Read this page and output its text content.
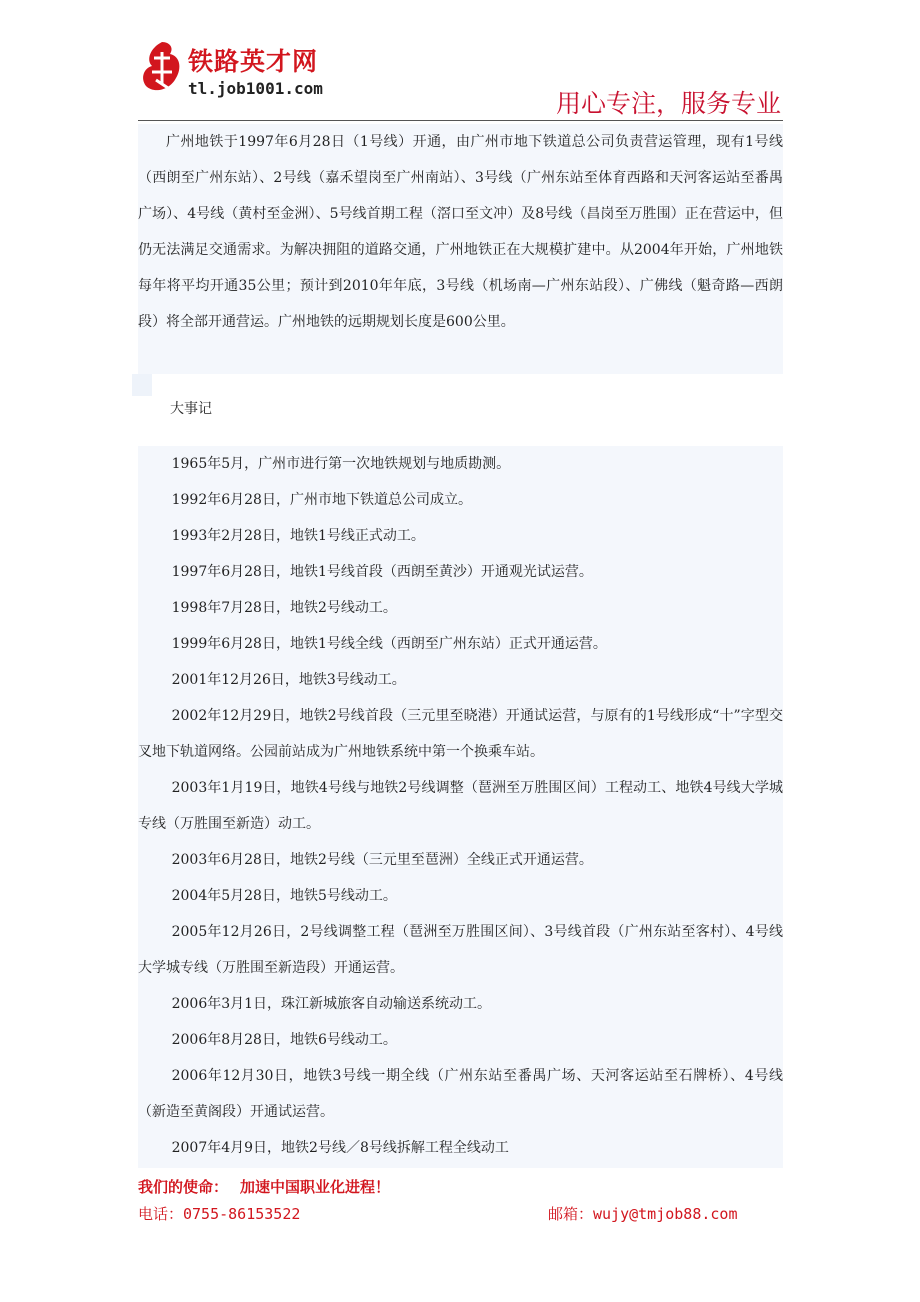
铁路英才网
tl.job1001.com
用心专注，服务专业

广州地铁于1997年6月28日（1号线）开通，由广州市地下铁道总公司负责营运管理，现有1号线（西朗至广州东站）、2号线（嘉禾望岗至广州南站）、3号线（广州东站至体育西路和天河客运站至番禺广场）、4号线（黄村至金洲）、5号线首期工程（滘口至文冲）及8号线（昌岗至万胜围）正在营运中，但仍无法满足交通需求。为解决拥阻的道路交通，广州地铁正在大规模扩建中。从2004年开始，广州地铁每年将平均开通35公里；预计到2010年年底，3号线（机场南—广州东站段）、广佛线（魁奇路—西朗段）将全部开通营运。广州地铁的远期规划长度是600公里。

大事记

1965年5月，广州市进行第一次地铁规划与地质勘测。

1992年6月28日，广州市地下铁道总公司成立。

1993年2月28日，地铁1号线正式动工。

1997年6月28日，地铁1号线首段（西朗至黄沙）开通观光试运营。

1998年7月28日，地铁2号线动工。

1999年6月28日，地铁1号线全线（西朗至广州东站）正式开通运营。

2001年12月26日，地铁3号线动工。

2002年12月29日，地铁2号线首段（三元里至晓港）开通试运营，与原有的1号线形成“十”字型交叉地下轨道网络。公园前站成为广州地铁系统中第一个换乘车站。

2003年1月19日，地铁4号线与地铁2号线调整（琶洲至万胜围区间）工程动工、地铁4号线大学城专线（万胜围至新造）动工。

2003年6月28日，地铁2号线（三元里至琶洲）全线正式开通运营。

2004年5月28日，地铁5号线动工。

2005年12月26日，2号线调整工程（琶洲至万胜围区间）、3号线首段（广州东站至客村）、4号线大学城专线（万胜围至新造段）开通运营。

2006年3月1日，珠江新城旅客自动输送系统动工。

2006年8月28日，地铁6号线动工。

2006年12月30日，地铁3号线一期全线（广州东站至番禺广场、天河客运站至石牌桥）、4号线（新造至黄阁段）开通试运营。

2007年4月9日，地铁2号线／8号线拆解工程全线动工

我们的使命： 加速中国职业化进程！
电话：0755-86153522	邮箱：wujy@tmjob88.com
